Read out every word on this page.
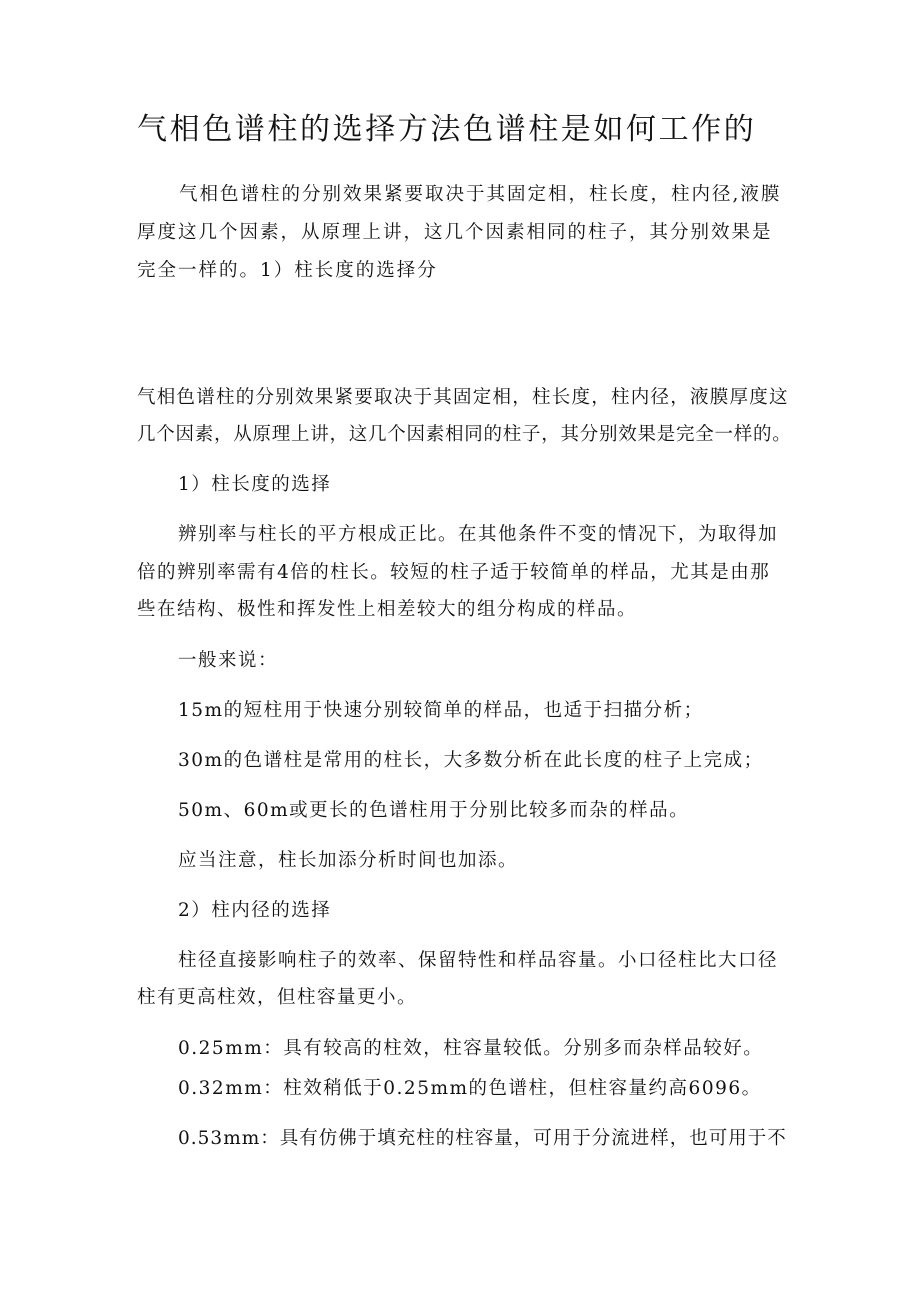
气相色谱柱的选择方法色谱柱是如何工作的

气相色谱柱的分别效果紧要取决于其固定相，柱长度，柱内径,液膜厚度这几个因素，从原理上讲，这几个因素相同的柱子，其分别效果是完全一样的。1）柱长度的选择分

气相色谱柱的分别效果紧要取决于其固定相，柱长度，柱内径，液膜厚度这

几个因素，从原理上讲，这几个因素相同的柱子，其分别效果是完全一样的。

1）柱长度的选择

辨别率与柱长的平方根成正比。在其他条件不变的情况下，为取得加

倍的辨别率需有4倍的柱长。较短的柱子适于较简单的样品，尤其是由那

些在结构、极性和挥发性上相差较大的组分构成的样品。

一般来说：

15m的短柱用于快速分别较简单的样品，也适于扫描分析；

30m的色谱柱是常用的柱长，大多数分析在此长度的柱子上完成；

50m、60m或更长的色谱柱用于分别比较多而杂的样品。

应当注意，柱长加添分析时间也加添。

2）柱内径的选择

柱径直接影响柱子的效率、保留特性和样品容量。小口径柱比大口径

柱有更高柱效，但柱容量更小。

0.25mm：具有较高的柱效，柱容量较低。分别多而杂样品较好。

0.32mm：柱效稍低于0.25mm的色谱柱，但柱容量约高6096。

0.53mm：具有仿佛于填充柱的柱容量，可用于分流进样，也可用于不
